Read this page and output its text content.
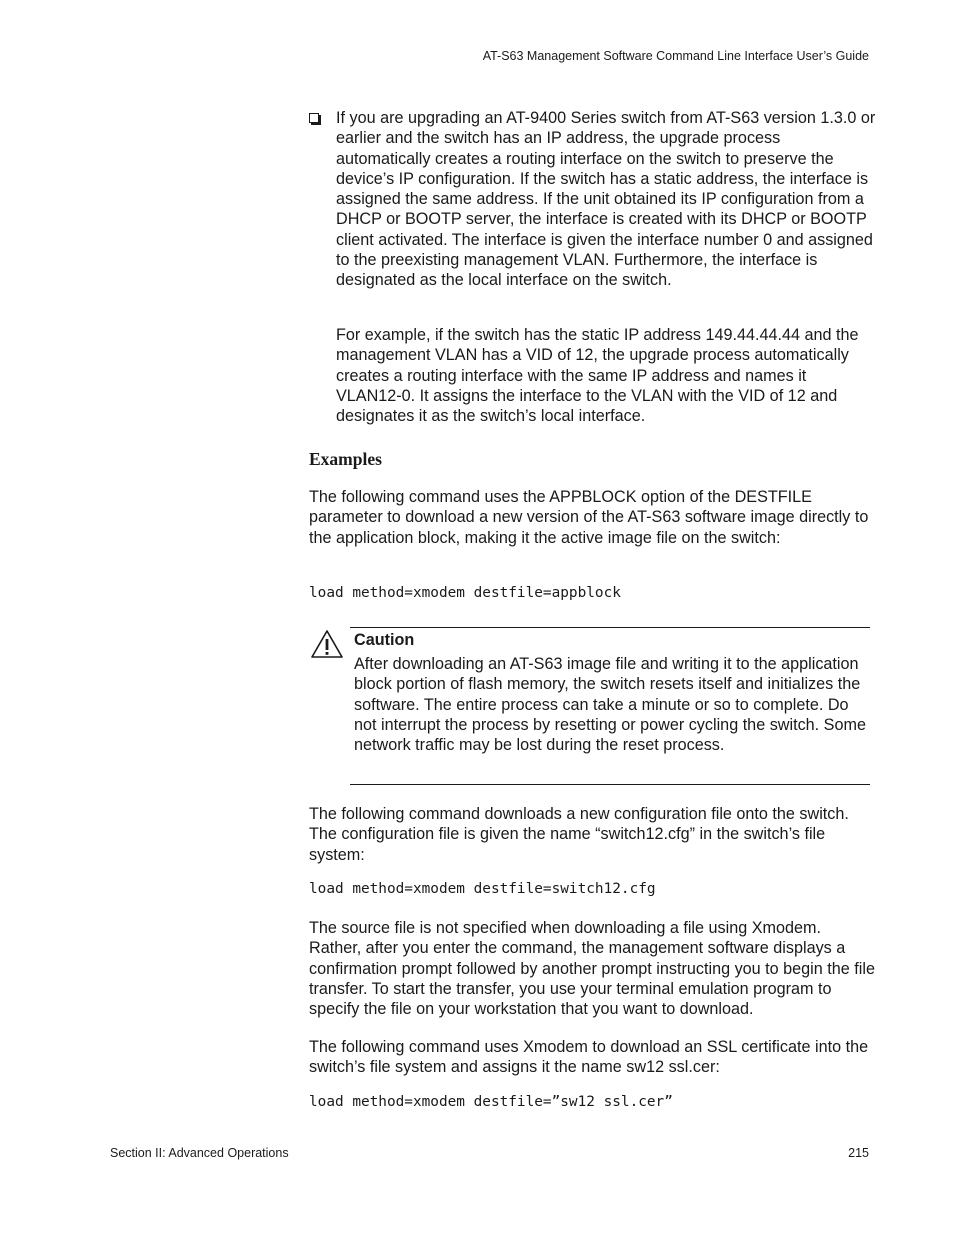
AT-S63 Management Software Command Line Interface User’s Guide

If you are upgrading an AT-9400 Series switch from AT-S63 version 1.3.0 or earlier and the switch has an IP address, the upgrade process automatically creates a routing interface on the switch to preserve the device’s IP configuration. If the switch has a static address, the interface is assigned the same address. If the unit obtained its IP configuration from a DHCP or BOOTP server, the interface is created with its DHCP or BOOTP client activated. The interface is given the interface number 0 and assigned to the preexisting management VLAN. Furthermore, the interface is designated as the local interface on the switch.

For example, if the switch has the static IP address 149.44.44.44 and the management VLAN has a VID of 12, the upgrade process automatically creates a routing interface with the same IP address and names it VLAN12-0. It assigns the interface to the VLAN with the VID of 12 and designates it as the switch’s local interface.

Examples

The following command uses the APPBLOCK option of the DESTFILE parameter to download a new version of the AT-S63 software image directly to the application block, making it the active image file on the switch:

load method=xmodem destfile=appblock
Caution

After downloading an AT-S63 image file and writing it to the application block portion of flash memory, the switch resets itself and initializes the software. The entire process can take a minute or so to complete. Do not interrupt the process by resetting or power cycling the switch. Some network traffic may be lost during the reset process.

The following command downloads a new configuration file onto the switch. The configuration file is given the name “switch12.cfg” in the switch’s file system:

load method=xmodem destfile=switch12.cfg

The source file is not specified when downloading a file using Xmodem. Rather, after you enter the command, the management software displays a confirmation prompt followed by another prompt instructing you to begin the file transfer. To start the transfer, you use your terminal emulation program to specify the file on your workstation that you want to download.

The following command uses Xmodem to download an SSL certificate into the switch’s file system and assigns it the name sw12 ssl.cer:

load method=xmodem destfile=”sw12 ssl.cer”
Section II: Advanced Operations	215
